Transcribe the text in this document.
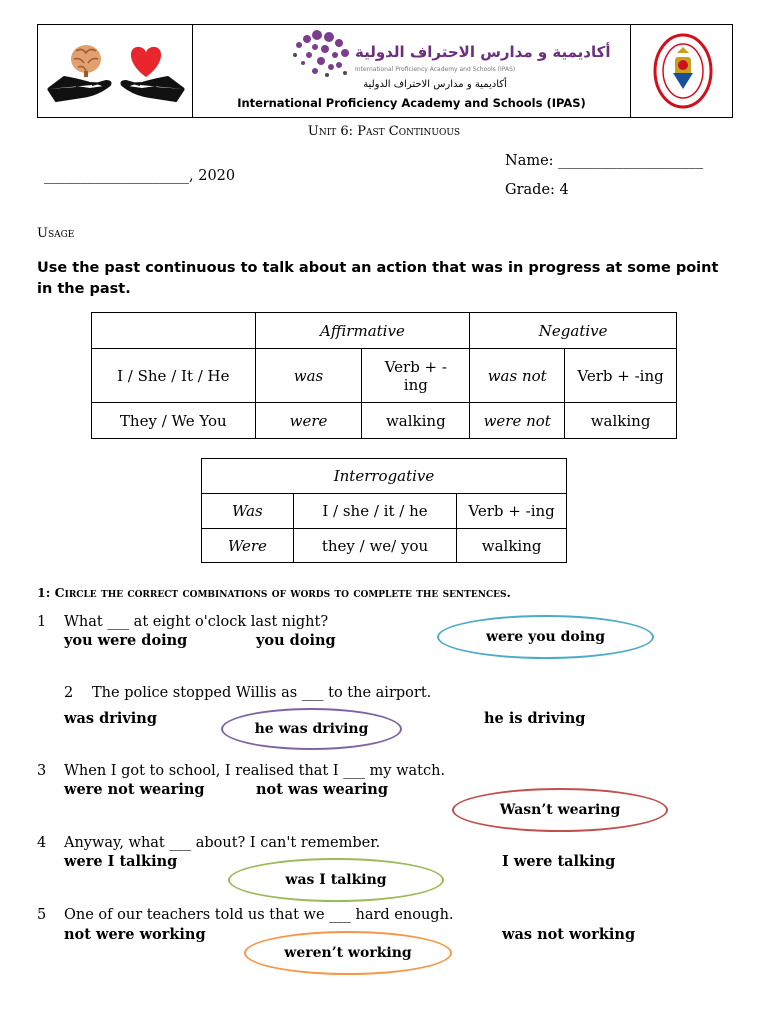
أكاديمية و مدارس الاحتراف الدولية
International Proficiency Academy and Schools (IPAS)
أكاديمية و مدارس الاحتراف الدولية
International Proficiency Academy and Schools (IPAS)
Unit 6: Past Continuous
____________________, 2020
Name: ____________________
Grade: 4
Usage
Use the past continuous to talk about an action that was in progress at some point in the past.
	Affirmative		Negative	
I / She / It / He	was	Verb + -ing	was not	Verb + -ing
They / We You	were	walking	were not	walking
Interrogative		
Was	I / she / it / he	Verb + -ing
Were	they / we/ you	walking
1: Circle the correct combinations of words to complete the sentences.
1 What ___ at eight o'clock last night?
you were doing	you doing	were you doing
2 The police stopped Willis as ___ to the airport.
was driving	he is driving
he was driving
3 When I got to school, I realised that I ___ my watch.
were not wearing	not was wearing
Wasn’t wearing
4 Anyway, what ___ about? I can't remember.
were I talking	I were talking
was I talking
5 One of our teachers told us that we ___ hard enough.
not were working	was not working
weren’t working
